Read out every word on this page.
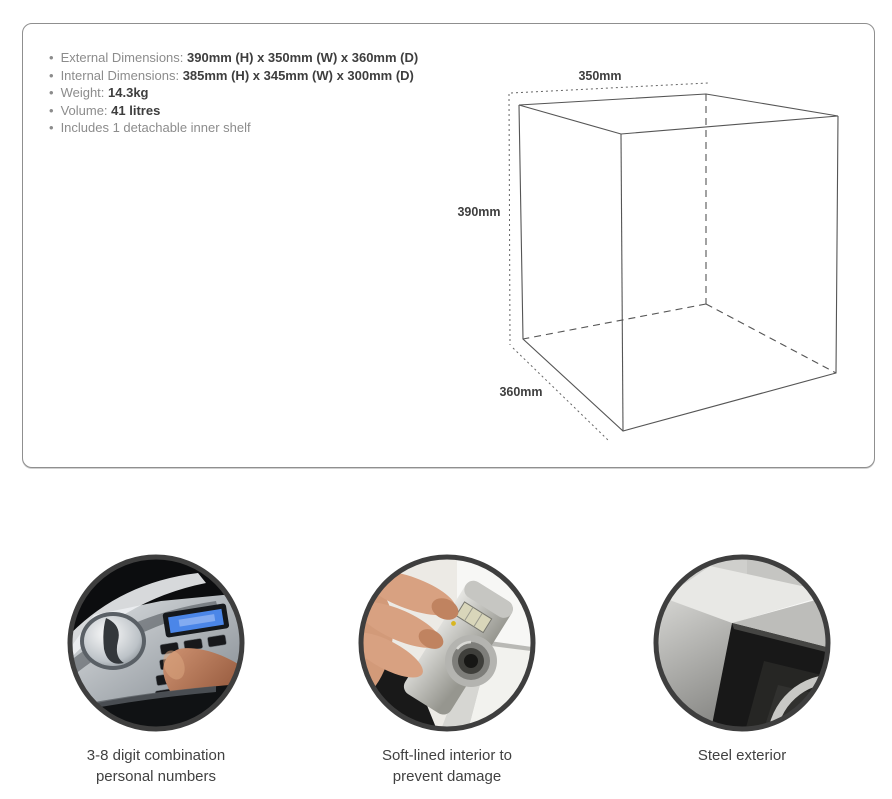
• External Dimensions: 390mm (H) x 350mm (W) x 360mm (D)
• Internal Dimensions: 385mm (H) x 345mm (W) x 300mm (D)
• Weight: 14.3kg
• Volume: 41 litres
• Includes 1 detachable inner shelf
350mm
390mm
360mm
3-8 digit combination
personal numbers
Soft-lined interior to
prevent damage
Steel exterior
